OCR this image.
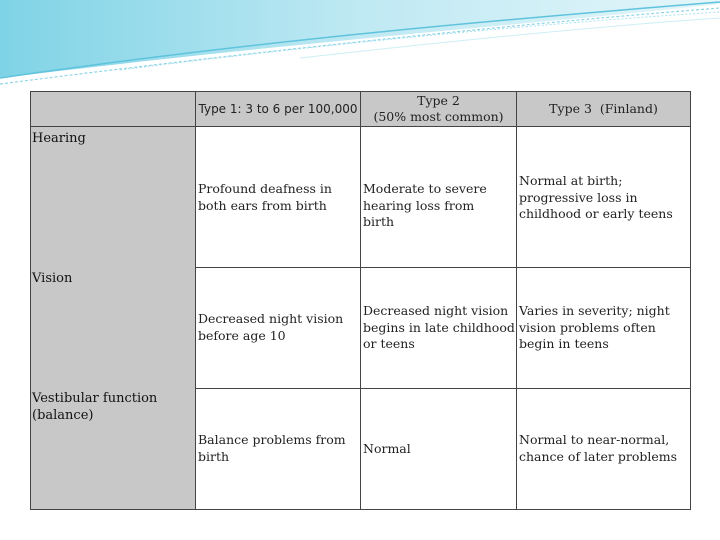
Type 1: 3 to 6 per 100,000
Type 2
(50% most common)
Type 3  (Finland)
Hearing
Vision
Vestibular function (balance)
Profound deafness in both ears from birth
Moderate to severe hearing loss from birth
Normal at birth; progressive loss in childhood or early teens
Decreased night vision before age 10
Decreased night vision begins in late childhood or teens
Varies in severity; night vision problems often begin in teens
Balance problems from birth	Normal
Normal to near-normal, chance of later problems
